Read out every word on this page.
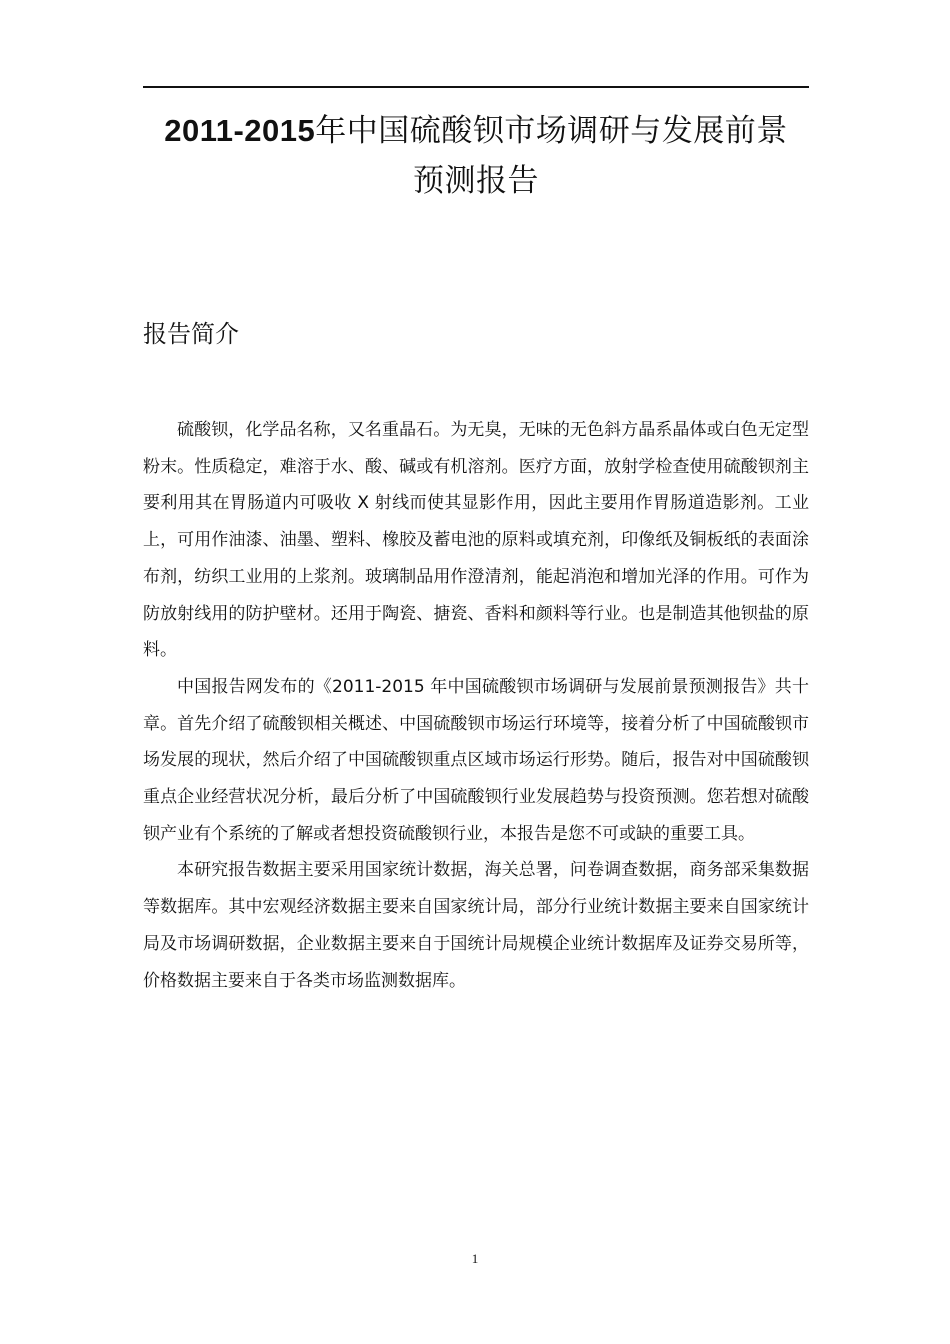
2011-2015年中国硫酸钡市场调研与发展前景
预测报告
报告简介

硫酸钡，化学品名称，又名重晶石。为无臭，无味的无色斜方晶系晶体或白色无定型粉末。性质稳定，难溶于水、酸、碱或有机溶剂。医疗方面，放射学检查使用硫酸钡剂主要利用其在胃肠道内可吸收 X 射线而使其显影作用，因此主要用作胃肠道造影剂。工业上，可用作油漆、油墨、塑料、橡胶及蓄电池的原料或填充剂，印像纸及铜板纸的表面涂布剂，纺织工业用的上浆剂。玻璃制品用作澄清剂，能起消泡和增加光泽的作用。可作为防放射线用的防护壁材。还用于陶瓷、搪瓷、香料和颜料等行业。也是制造其他钡盐的原料。

中国报告网发布的《2011-2015 年中国硫酸钡市场调研与发展前景预测报告》共十章。首先介绍了硫酸钡相关概述、中国硫酸钡市场运行环境等，接着分析了中国硫酸钡市场发展的现状，然后介绍了中国硫酸钡重点区域市场运行形势。随后，报告对中国硫酸钡重点企业经营状况分析，最后分析了中国硫酸钡行业发展趋势与投资预测。您若想对硫酸钡产业有个系统的了解或者想投资硫酸钡行业，本报告是您不可或缺的重要工具。

本研究报告数据主要采用国家统计数据，海关总署，问卷调查数据，商务部采集数据等数据库。其中宏观经济数据主要来自国家统计局，部分行业统计数据主要来自国家统计局及市场调研数据，企业数据主要来自于国统计局规模企业统计数据库及证券交易所等，价格数据主要来自于各类市场监测数据库。

1
